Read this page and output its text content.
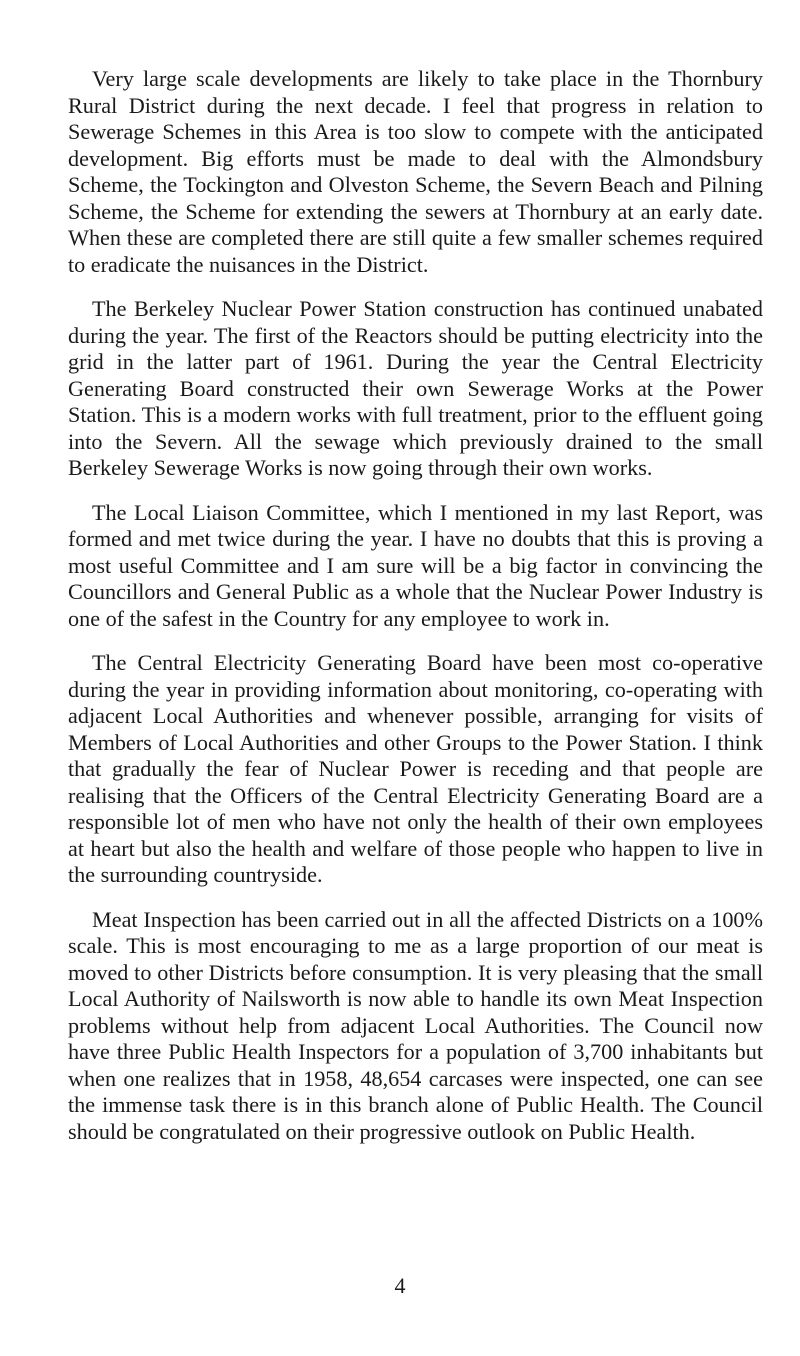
Very large scale developments are likely to take place in the Thornbury Rural District during the next decade. I feel that progress in relation to Sewerage Schemes in this Area is too slow to compete with the anticipated development. Big efforts must be made to deal with the Almondsbury Scheme, the Tockington and Olveston Scheme, the Severn Beach and Pilning Scheme, the Scheme for extending the sewers at Thornbury at an early date. When these are completed there are still quite a few smaller schemes required to eradicate the nuisances in the District.

The Berkeley Nuclear Power Station construction has continued unabated during the year. The first of the Reactors should be putting electricity into the grid in the latter part of 1961. During the year the Central Electricity Generating Board constructed their own Sewerage Works at the Power Station. This is a modern works with full treatment, prior to the effluent going into the Severn. All the sewage which previously drained to the small Berkeley Sewerage Works is now going through their own works.

The Local Liaison Committee, which I mentioned in my last Report, was formed and met twice during the year. I have no doubts that this is proving a most useful Committee and I am sure will be a big factor in convincing the Councillors and General Public as a whole that the Nuclear Power Industry is one of the safest in the Country for any employee to work in.

The Central Electricity Generating Board have been most co-operative during the year in providing information about monitoring, co-operating with adjacent Local Authorities and whenever possible, arranging for visits of Members of Local Authorities and other Groups to the Power Station. I think that gradually the fear of Nuclear Power is receding and that people are realising that the Officers of the Central Electricity Generating Board are a responsible lot of men who have not only the health of their own employees at heart but also the health and welfare of those people who happen to live in the surrounding countryside.

Meat Inspection has been carried out in all the affected Districts on a 100% scale. This is most encouraging to me as a large proportion of our meat is moved to other Districts before consumption. It is very pleasing that the small Local Authority of Nailsworth is now able to handle its own Meat Inspection problems without help from adjacent Local Authorities. The Council now have three Public Health Inspectors for a population of 3,700 inhabitants but when one realizes that in 1958, 48,654 carcases were inspected, one can see the immense task there is in this branch alone of Public Health. The Council should be congratulated on their progressive outlook on Public Health.

4
